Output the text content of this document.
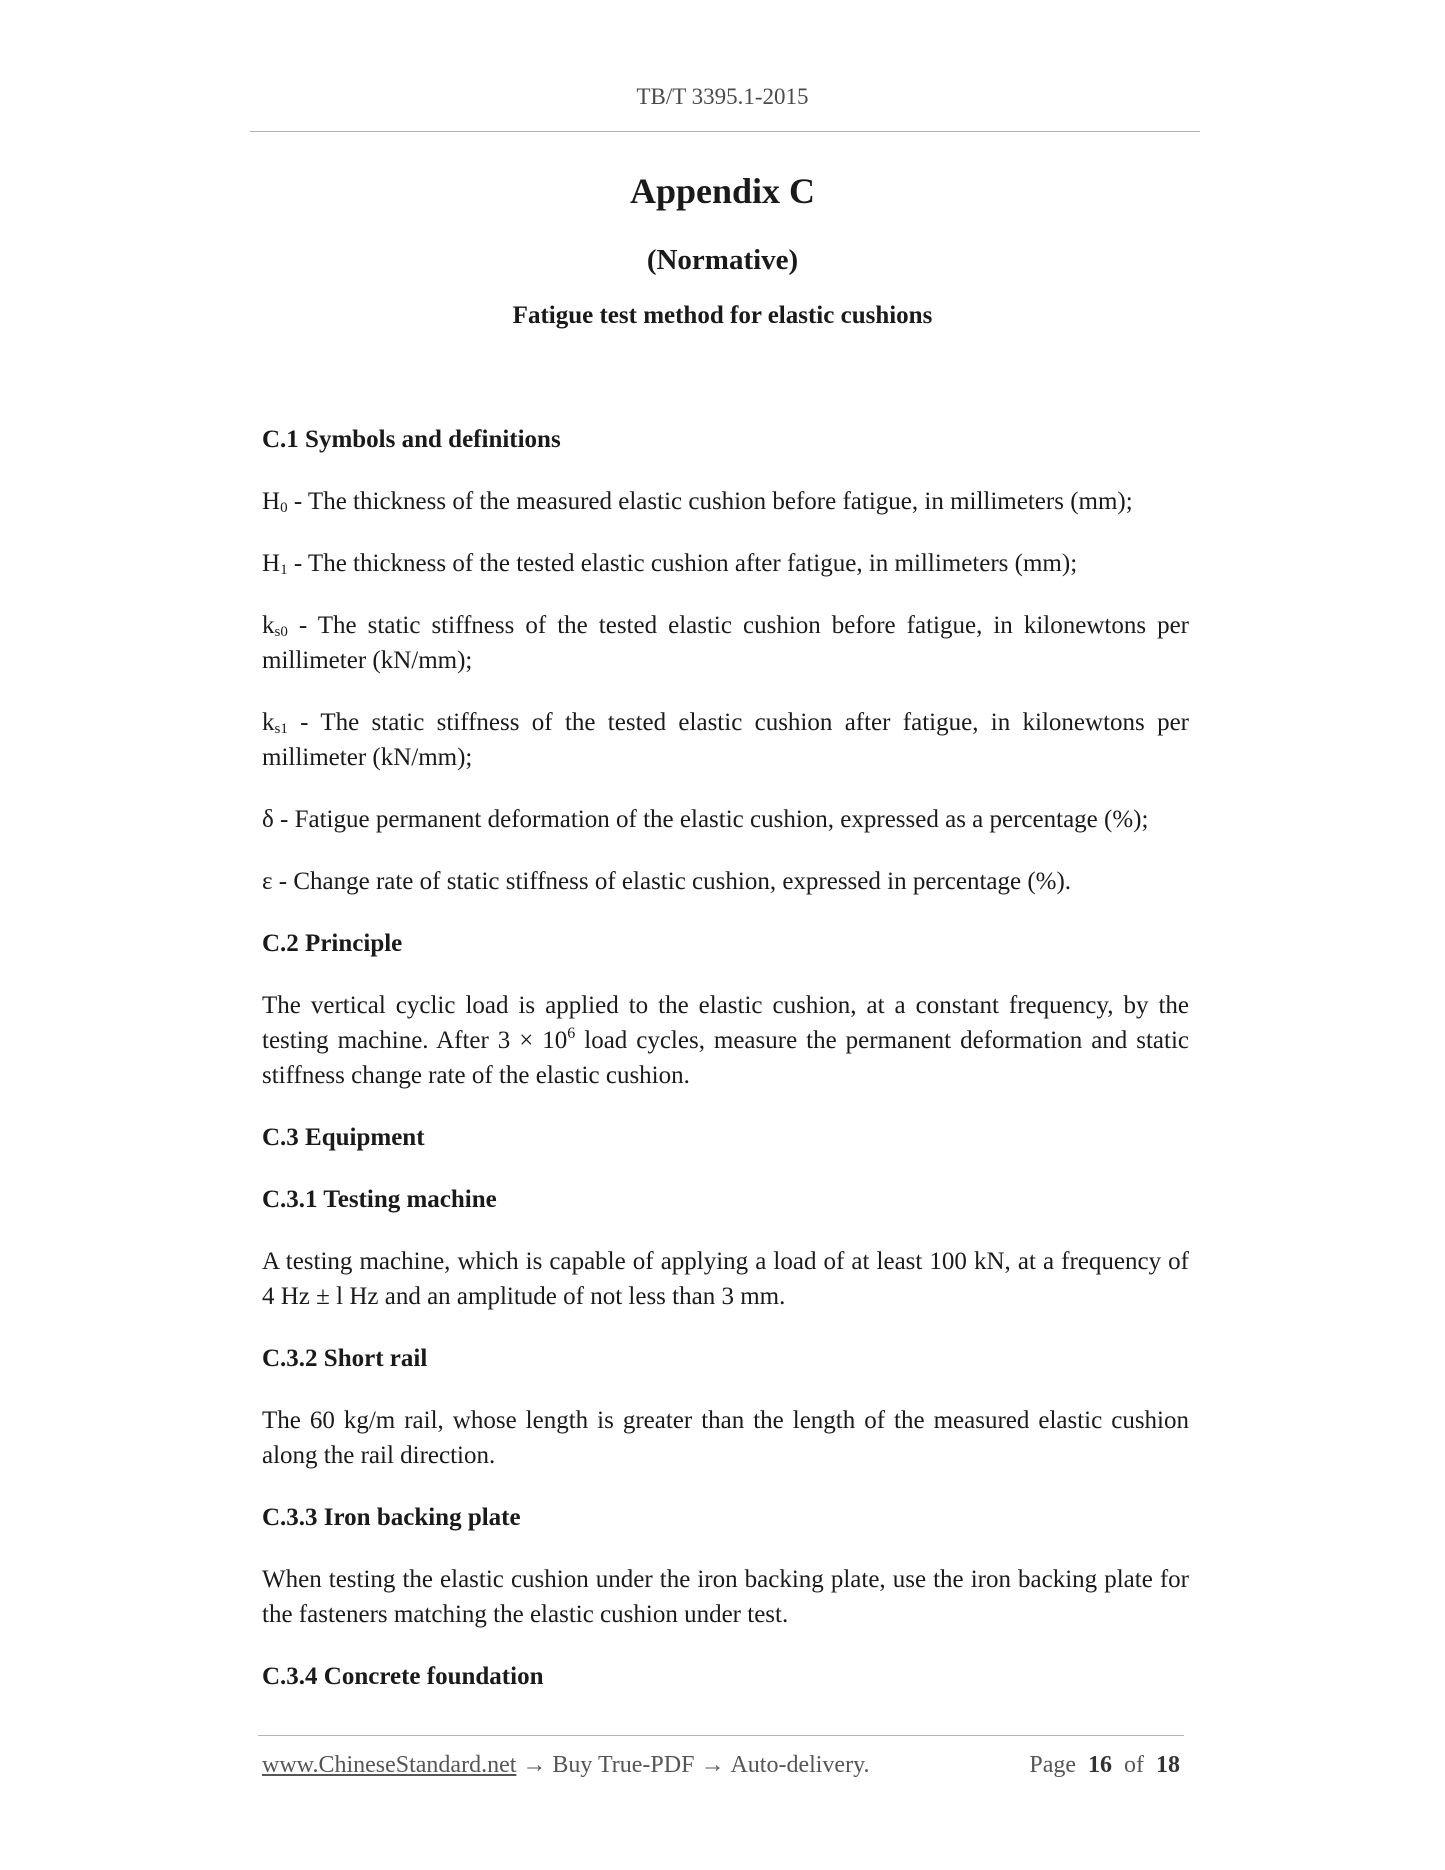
TB/T 3395.1-2015
Appendix C
(Normative)
Fatigue test method for elastic cushions
C.1 Symbols and definitions
$H_0$ - The thickness of the measured elastic cushion before fatigue, in millimeters (mm);
$H_1$ - The thickness of the tested elastic cushion after fatigue, in millimeters (mm);
$k_{s0}$ - The static stiffness of the tested elastic cushion before fatigue, in kilonewtons per millimeter (kN/mm);
$k_{s1}$ - The static stiffness of the tested elastic cushion after fatigue, in kilonewtons per millimeter (kN/mm);
δ - Fatigue permanent deformation of the elastic cushion, expressed as a percentage (%);
ε - Change rate of static stiffness of elastic cushion, expressed in percentage (%).
C.2 Principle
The vertical cyclic load is applied to the elastic cushion, at a constant frequency, by the testing machine. After $3 \times 10^6$ load cycles, measure the permanent deformation and static stiffness change rate of the elastic cushion.
C.3 Equipment
C.3.1 Testing machine
A testing machine, which is capable of applying a load of at least 100 kN, at a frequency of 4 Hz ± l Hz and an amplitude of not less than 3 mm.
C.3.2 Short rail
The 60 kg/m rail, whose length is greater than the length of the measured elastic cushion along the rail direction.
C.3.3 Iron backing plate
When testing the elastic cushion under the iron backing plate, use the iron backing plate for the fasteners matching the elastic cushion under test.
C.3.4 Concrete foundation
www.ChineseStandard.net → Buy True-PDF → Auto-delivery.	Page 16 of 18
